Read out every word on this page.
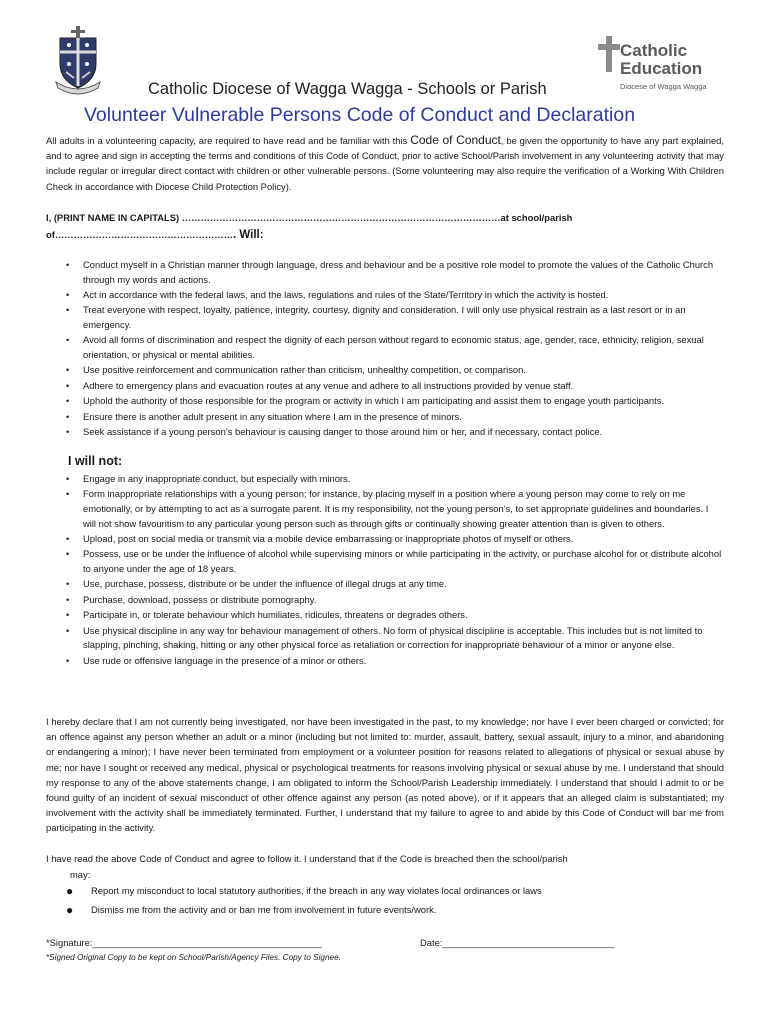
Catholic
Education
Diocese of Wagga Wagga
Catholic Diocese of Wagga Wagga - Schools or Parish
Volunteer Vulnerable Persons Code of Conduct and Declaration

All adults in a volunteering capacity, are required to have read and be familiar with this Code of Conduct, be given the opportunity to have any part explained, and to agree and sign in accepting the terms and conditions of this Code of Conduct, prior to active School/Parish involvement in any volunteering activity that may include regular or irregular direct contact with children or other vulnerable persons. (Some volunteering may also require the verification of a Working With Children Check in accordance with Diocese Child Protection Policy).

I, (PRINT NAME IN CAPITALS) …………………………………………………………………………………………at school/parish
of…………………………………………………. Will:
• Conduct myself in a Christian manner through language, dress and behaviour and be a positive role model to promote the values of the Catholic Church through my words and actions.
• Act in accordance with the federal laws, and the laws, regulations and rules of the State/Territory in which the activity is hosted.
• Treat everyone with respect, loyalty, patience, integrity, courtesy, dignity and consideration. I will only use physical restrain as a last resort or in an emergency.
• Avoid all forms of discrimination and respect the dignity of each person without regard to economic status, age, gender, race, ethnicity, religion, sexual orientation, or physical or mental abilities.
• Use positive reinforcement and communication rather than criticism, unhealthy competition, or comparison.
• Adhere to emergency plans and evacuation routes at any venue and adhere to all instructions provided by venue staff.
• Uphold the authority of those responsible for the program or activity in which I am participating and assist them to engage youth participants.
• Ensure there is another adult present in any situation where I am in the presence of minors.
• Seek assistance if a young person’s behaviour is causing danger to those around him or her, and if necessary, contact police.
I will not:
• Engage in any inappropriate conduct, but especially with minors.
• Form inappropriate relationships with a young person; for instance, by placing myself in a position where a young person may come to rely on me emotionally, or by attempting to act as a surrogate parent. It is my responsibility, not the young person’s, to set appropriate guidelines and boundaries. I will not show favouritism to any particular young person such as through gifts or continually showing greater attention than is given to others.
• Upload, post on social media or transmit via a mobile device embarrassing or inappropriate photos of myself or others.
• Possess, use or be under the influence of alcohol while supervising minors or while participating in the activity, or purchase alcohol for or distribute alcohol to anyone under the age of 18 years.
• Use, purchase, possess, distribute or be under the influence of illegal drugs at any time.
• Purchase, download, possess or distribute pornography.
• Participate in, or tolerate behaviour which humiliates, ridicules, threatens or degrades others.
• Use physical discipline in any way for behaviour management of others. No form of physical discipline is acceptable. This includes but is not limited to slapping, pinching, shaking, hitting or any other physical force as retaliation or correction for inappropriate behaviour of a minor or anyone else.
• Use rude or offensive language in the presence of a minor or others.

I hereby declare that I am not currently being investigated, nor have been investigated in the past, to my knowledge; nor have I ever been charged or convicted; for an offence against any person whether an adult or a minor (including but not limited to: murder, assault, battery, sexual assault, injury to a minor, and abandoning or endangering a minor); I have never been terminated from employment or a volunteer position for reasons related to allegations of physical or sexual abuse by me; nor have I sought or received any medical, physical or psychological treatments for reasons involving physical or sexual abuse by me. I understand that should my response to any of the above statements change, I am obligated to inform the School/Parish Leadership immediately. I understand that should I admit to or be found guilty of an incident of sexual misconduct of other offence against any person (as noted above), or if it appears that an alleged claim is substantiated; my involvement with the activity shall be immediately terminated. Further, I understand that my failure to agree to and abide by this Code of Conduct will bar me from participating in the activity.

I have read the above Code of Conduct and agree to follow it. I understand that if the Code is breached then the school/parish
may:
● Report my misconduct to local statutory authorities, if the breach in any way violates local ordinances or laws
● Dismiss me from the activity and or ban me from involvement in future events/work.
*Signature:____________________________________________	Date:_________________________________
*Signed Original Copy to be kept on School/Parish/Agency Files. Copy to Signee.
